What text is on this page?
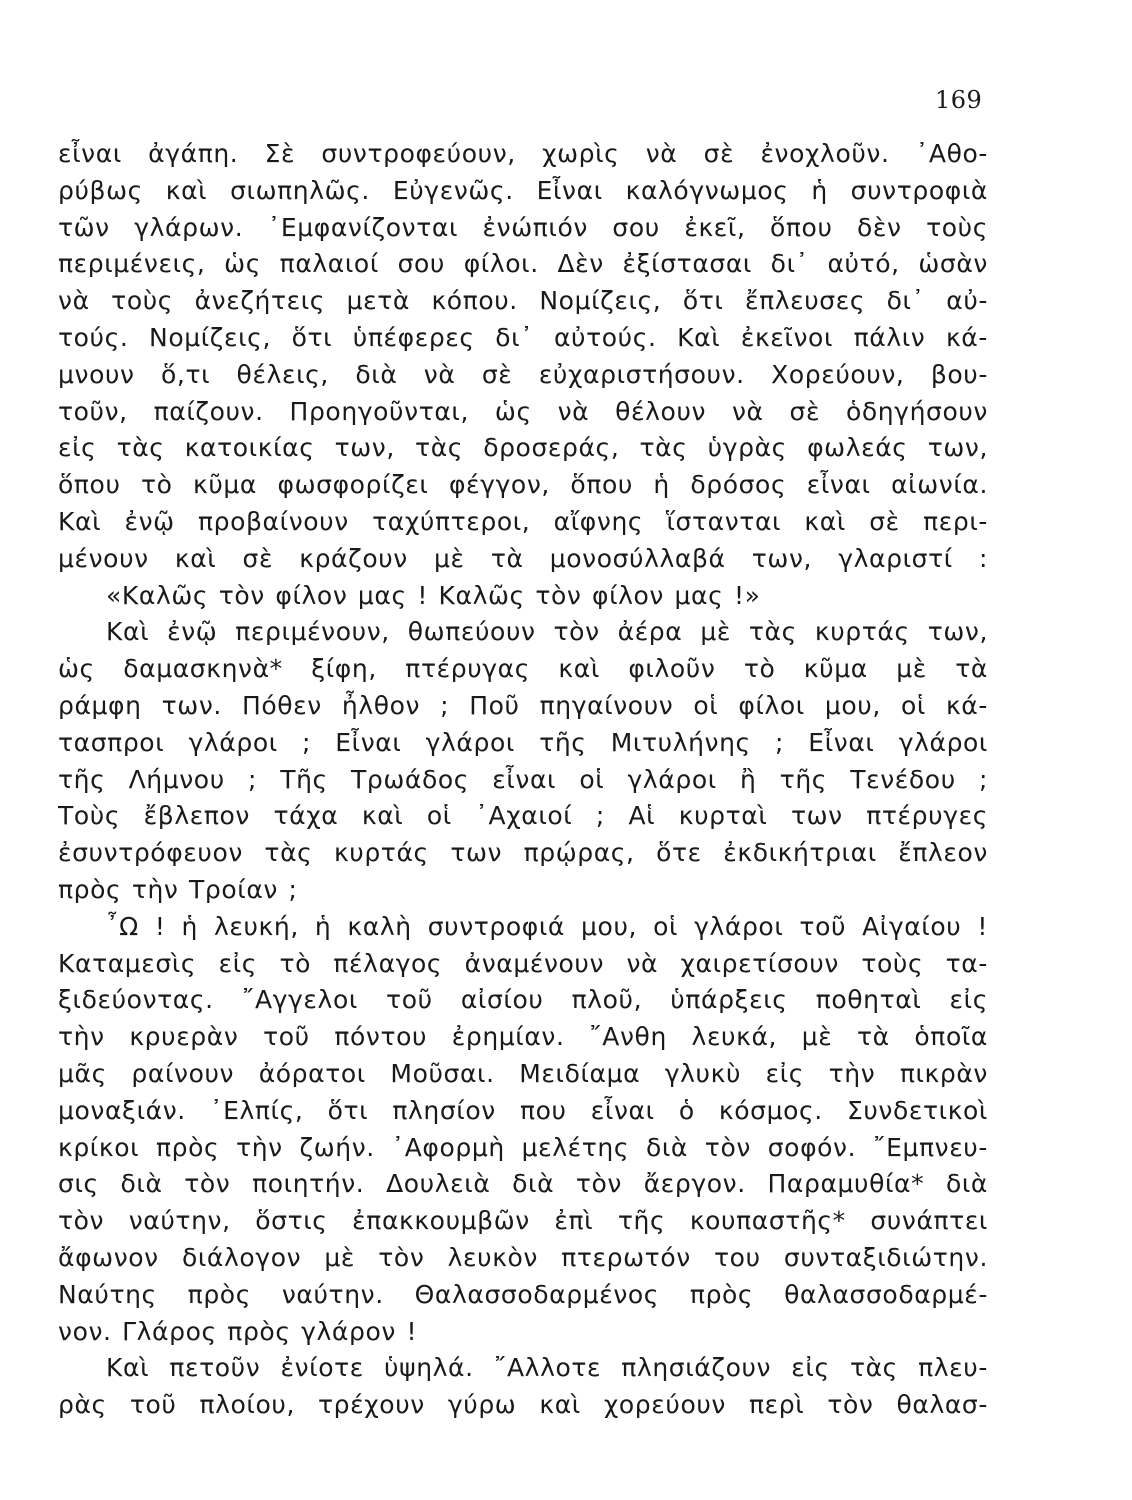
169
εἶναι ἀγάπη. Σὲ συντροφεύουν, χωρὶς νὰ σὲ ἐνοχλοῦν. ᾿Αθο-
ρύβως καὶ σιωπηλῶς. Εὐγενῶς. Εἶναι καλόγνωμος ἡ συντροφιὰ
τῶν γλάρων. ᾿Εμφανίζονται ἐνώπιόν σου ἐκεῖ, ὅπου δὲν τοὺς
περιμένεις, ὡς παλαιοί σου φίλοι. Δὲν ἐξίστασαι δι᾿ αὐτό, ὡσὰν
νὰ τοὺς ἀνεζήτεις μετὰ κόπου. Νομίζεις, ὅτι ἔπλευσες δι᾿ αὐ-
τούς. Νομίζεις, ὅτι ὑπέφερες δι᾿ αὐτούς. Καὶ ἐκεῖνοι πάλιν κά-
μνουν ὅ,τι θέλεις, διὰ νὰ σὲ εὐχαριστήσουν. Χορεύουν, βου-
τοῦν, παίζουν. Προηγοῦνται, ὡς νὰ θέλουν νὰ σὲ ὁδηγήσουν
εἰς τὰς κατοικίας των, τὰς δροσεράς, τὰς ὑγρὰς φωλεάς των,
ὅπου τὸ κῦμα φωσφορίζει φέγγον, ὅπου ἡ δρόσος εἶναι αἰωνία.
Καὶ ἐνῷ προβαίνουν ταχύπτεροι, αἴφνης ἵστανται καὶ σὲ περι-
μένουν καὶ σὲ κράζουν μὲ τὰ μονοσύλλαβά των, γλαριστί :
«Καλῶς τὸν φίλον μας ! Καλῶς τὸν φίλον μας !»
Καὶ ἐνῷ περιμένουν, θωπεύουν τὸν ἀέρα μὲ τὰς κυρτάς των,
ὡς δαμασκηνὰ* ξίφη, πτέρυγας καὶ φιλοῦν τὸ κῦμα μὲ τὰ
ράμφη των. Πόθεν ἦλθον ; Ποῦ πηγαίνουν οἱ φίλοι μου, οἱ κά-
τασπροι γλάροι ; Εἶναι γλάροι τῆς Μιτυλήνης ; Εἶναι γλάροι
τῆς Λήμνου ; Τῆς Τρωάδος εἶναι οἱ γλάροι ἢ τῆς Τενέδου ;
Τοὺς ἔβλεπον τάχα καὶ οἱ ᾿Αχαιοί ; Αἱ κυρταὶ των πτέρυγες
ἐσυντρόφευον τὰς κυρτάς των πρῴρας, ὅτε ἐκδικήτριαι ἔπλεον
πρὸς τὴν Τροίαν ;
῏Ω ! ἡ λευκή, ἡ καλὴ συντροφιά μου, οἱ γλάροι τοῦ Αἰγαίου !
Καταμεσὶς εἰς τὸ πέλαγος ἀναμένουν νὰ χαιρετίσουν τοὺς τα-
ξιδεύοντας. ῎Αγγελοι τοῦ αἰσίου πλοῦ, ὑπάρξεις ποθηταὶ εἰς
τὴν κρυερὰν τοῦ πόντου ἐρημίαν. ῎Ανθη λευκά, μὲ τὰ ὁποῖα
μᾶς ραίνουν ἀόρατοι Μοῦσαι. Μειδίαμα γλυκὺ εἰς τὴν πικρὰν
μοναξιάν. ᾿Ελπίς, ὅτι πλησίον που εἶναι ὁ κόσμος. Συνδετικοὶ
κρίκοι πρὸς τὴν ζωήν. ᾿Αφορμὴ μελέτης διὰ τὸν σοφόν. ῎Εμπνευ-
σις διὰ τὸν ποιητήν. Δουλειὰ διὰ τὸν ἄεργον. Παραμυθία* διὰ
τὸν ναύτην, ὅστις ἐπακκουμβῶν ἐπὶ τῆς κουπαστῆς* συνάπτει
ἄφωνον διάλογον μὲ τὸν λευκὸν πτερωτόν του συνταξιδιώτην.
Ναύτης πρὸς ναύτην. Θαλασσοδαρμένος πρὸς θαλασσοδαρμέ-
νον. Γλάρος πρὸς γλάρον !
Καὶ πετοῦν ἐνίοτε ὑψηλά. ῎Αλλοτε πλησιάζουν εἰς τὰς πλευ-
ρὰς τοῦ πλοίου, τρέχουν γύρω καὶ χορεύουν περὶ τὸν θαλασ-
